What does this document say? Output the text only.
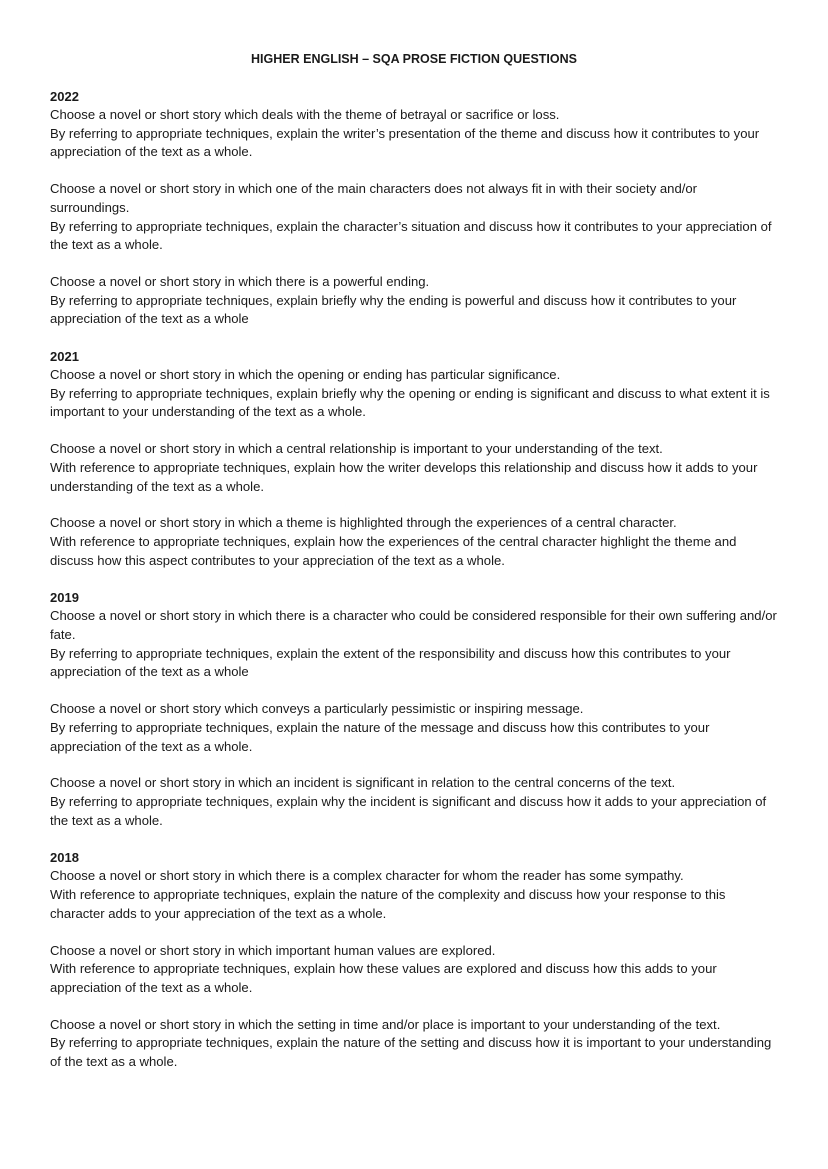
HIGHER ENGLISH – SQA PROSE FICTION QUESTIONS
2022

Choose a novel or short story which deals with the theme of betrayal or sacrifice or loss.

By referring to appropriate techniques, explain the writer’s presentation of the theme and discuss how it contributes to your appreciation of the text as a whole.

Choose a novel or short story in which one of the main characters does not always fit in with their society and/or surroundings.

By referring to appropriate techniques, explain the character’s situation and discuss how it contributes to your appreciation of the text as a whole.

Choose a novel or short story in which there is a powerful ending.

By referring to appropriate techniques, explain briefly why the ending is powerful and discuss how it contributes to your appreciation of the text as a whole

2021

Choose a novel or short story in which the opening or ending has particular significance.

By referring to appropriate techniques, explain briefly why the opening or ending is significant and discuss to what extent it is important to your understanding of the text as a whole.

Choose a novel or short story in which a central relationship is important to your understanding of the text.

With reference to appropriate techniques, explain how the writer develops this relationship and discuss how it adds to your understanding of the text as a whole.

Choose a novel or short story in which a theme is highlighted through the experiences of a central character.

With reference to appropriate techniques, explain how the experiences of the central character highlight the theme and discuss how this aspect contributes to your appreciation of the text as a whole.

2019

Choose a novel or short story in which there is a character who could be considered responsible for their own suffering and/or fate.

By referring to appropriate techniques, explain the extent of the responsibility and discuss how this contributes to your appreciation of the text as a whole

Choose a novel or short story which conveys a particularly pessimistic or inspiring message.

By referring to appropriate techniques, explain the nature of the message and discuss how this contributes to your appreciation of the text as a whole.

Choose a novel or short story in which an incident is significant in relation to the central concerns of the text.

By referring to appropriate techniques, explain why the incident is significant and discuss how it adds to your appreciation of the text as a whole.

2018

Choose a novel or short story in which there is a complex character for whom the reader has some sympathy.

With reference to appropriate techniques, explain the nature of the complexity and discuss how your response to this character adds to your appreciation of the text as a whole.

Choose a novel or short story in which important human values are explored.

With reference to appropriate techniques, explain how these values are explored and discuss how this adds to your appreciation of the text as a whole.

Choose a novel or short story in which the setting in time and/or place is important to your understanding of the text.

By referring to appropriate techniques, explain the nature of the setting and discuss how it is important to your understanding of the text as a whole.
